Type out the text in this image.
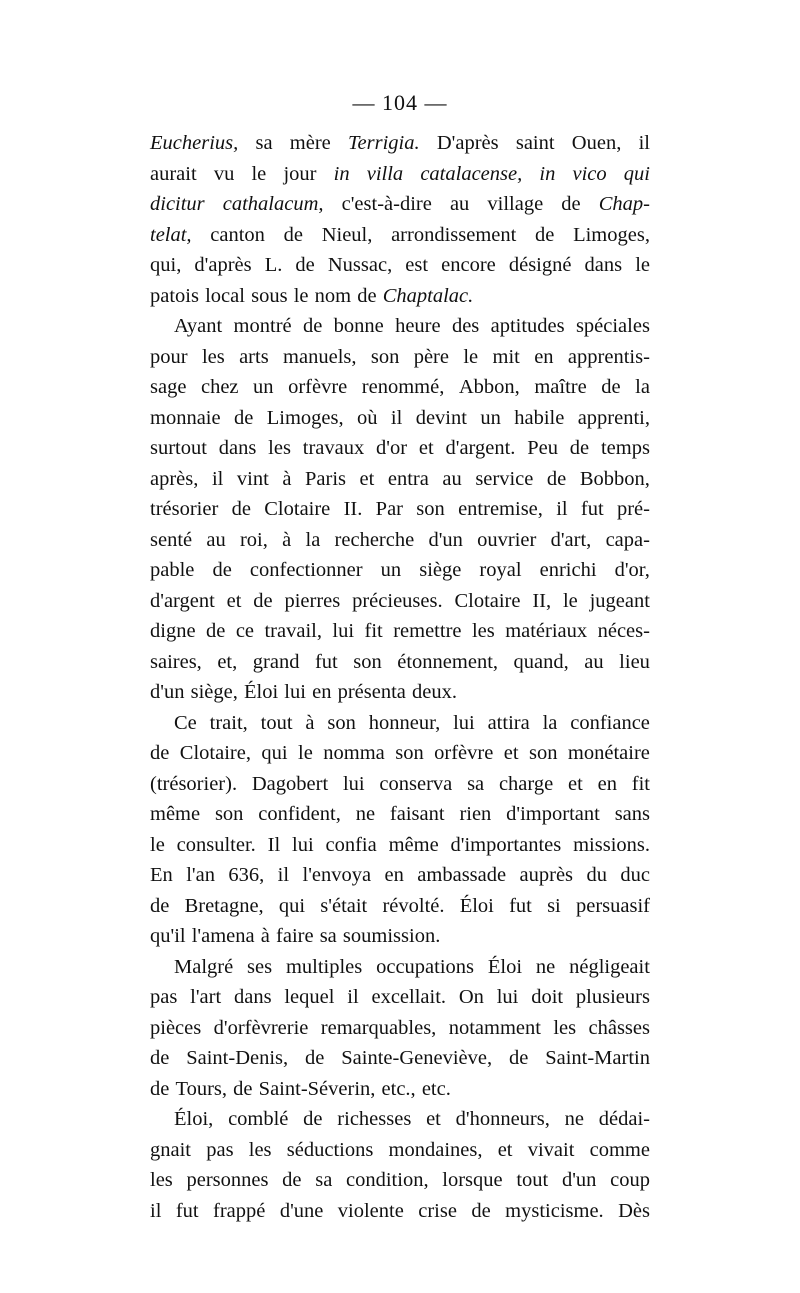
— 104 —
Eucherius, sa mère Terrigia. D'après saint Ouen, il
aurait vu le jour in villa catalacense, in vico qui
dicitur cathalacum, c'est-à-dire au village de Chap-
telat, canton de Nieul, arrondissement de Limoges,
qui, d'après L. de Nussac, est encore désigné dans le
patois local sous le nom de Chaptalac.
Ayant montré de bonne heure des aptitudes spéciales
pour les arts manuels, son père le mit en apprentis-
sage chez un orfèvre renommé, Abbon, maître de la
monnaie de Limoges, où il devint un habile apprenti,
surtout dans les travaux d'or et d'argent. Peu de temps
après, il vint à Paris et entra au service de Bobbon,
trésorier de Clotaire II. Par son entremise, il fut pré-
senté au roi, à la recherche d'un ouvrier d'art, capa-
pable de confectionner un siège royal enrichi d'or,
d'argent et de pierres précieuses. Clotaire II, le jugeant
digne de ce travail, lui fit remettre les matériaux néces-
saires, et, grand fut son étonnement, quand, au lieu
d'un siège, Éloi lui en présenta deux.
Ce trait, tout à son honneur, lui attira la confiance
de Clotaire, qui le nomma son orfèvre et son monétaire
(trésorier). Dagobert lui conserva sa charge et en fit
même son confident, ne faisant rien d'important sans
le consulter. Il lui confia même d'importantes missions.
En l'an 636, il l'envoya en ambassade auprès du duc
de Bretagne, qui s'était révolté. Éloi fut si persuasif
qu'il l'amena à faire sa soumission.
Malgré ses multiples occupations Éloi ne négligeait
pas l'art dans lequel il excellait. On lui doit plusieurs
pièces d'orfèvrerie remarquables, notamment les châsses
de Saint-Denis, de Sainte-Geneviève, de Saint-Martin
de Tours, de Saint-Séverin, etc., etc.
Éloi, comblé de richesses et d'honneurs, ne dédai-
gnait pas les séductions mondaines, et vivait comme
les personnes de sa condition, lorsque tout d'un coup
il fut frappé d'une violente crise de mysticisme. Dès
